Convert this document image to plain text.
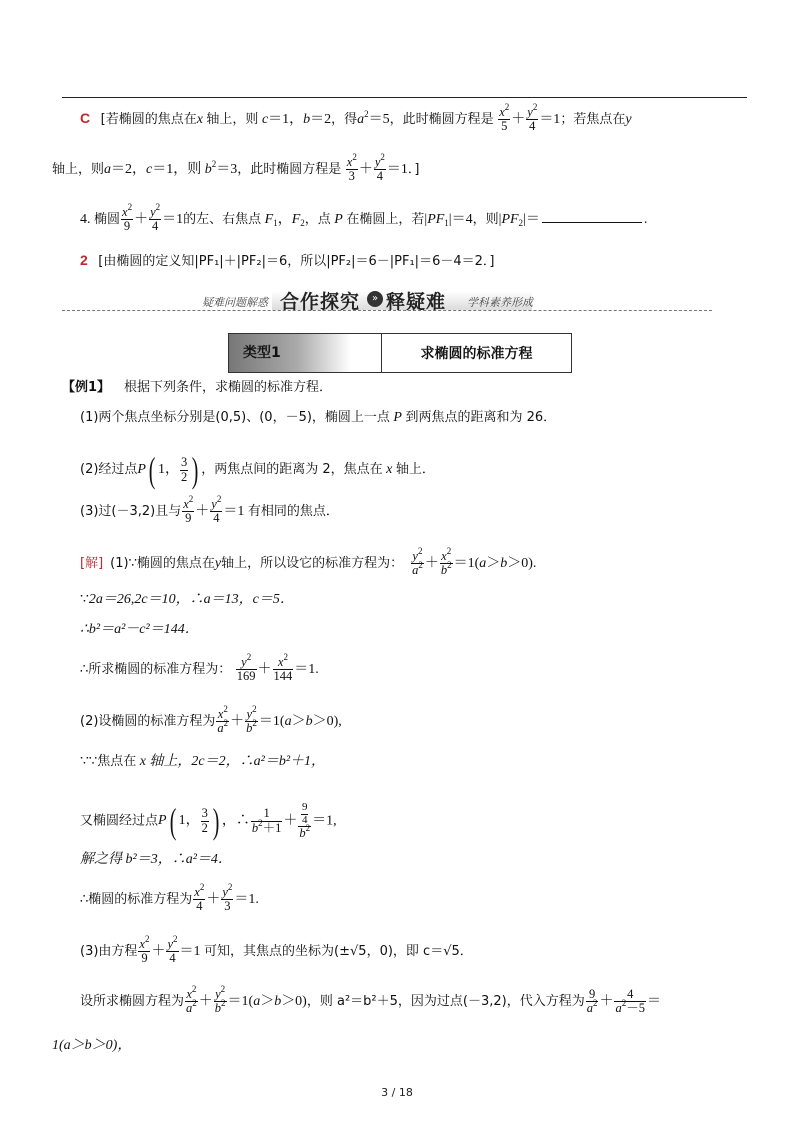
C [若椭圆的焦点在x 轴上，则 c＝1，b＝2，得$a^2=5$，此时椭圆方程是 $\frac{x^2}{5} + \frac{y^2}{4} =1$；若焦点在y
轴上，则a＝2，c＝1，则 $b^2=3$，此时椭圆方程是 $\frac{x^2}{3} + \frac{y^2}{4} =1$．]
4. 椭圆 $\frac{x^2}{9} + \frac{y^2}{4} =1$的左、右焦点 $F_1$，$F_2$，点 P 在椭圆上，若$|PF_1|=4$，则$|PF_2|=$	.
2 [由椭圆的定义知|PF₁|＋|PF₂|＝6，所以|PF₂|＝6－|PF₁|＝6－4＝2．]
疑难问题解惑 合作探究	» 释疑难 学科素养形成
类型1	求椭圆的标准方程
【例1】 根据下列条件，求椭圆的标准方程．
(1)两个焦点坐标分别是(0,5)、(0，－5)，椭圆上一点 P 到两焦点的距离和为 26．
(2)经过点 P ( 1， $\frac{3}{2}$ ) ，两焦点间的距离为 2，焦点在 x 轴上．
(3)过(－3,2)且与 $\frac{x^2}{9} + \frac{y^2}{4} =1$ 有相同的焦点．
[解] (1)∵椭圆的焦点在y轴上，所以设它的标准方程为： $\frac{y^2}{a^2} + \frac{x^2}{b^2} =1(a>b>0)$.
∵2a＝26,2c＝10，∴a＝13，c＝5．
∴b²＝a²－c²＝144．
∴所求椭圆的标准方程为： $\frac{y^2}{169} + \frac{x^2}{144} =1$.
(2)设椭圆的标准方程为 $\frac{x^2}{a^2} + \frac{y^2}{b^2} =1(a>b>0)$,
∵∵焦点在 x 轴上，2c＝2，∴a²＝b²＋1，
又椭圆经过点 P ( 1， $\frac{3}{2}$ ) ，∴ $\frac{1}{b^2+1} + \frac{\frac{9}{4}}{b^2} =1$,
解之得 b²＝3，∴a²＝4．
∴椭圆的标准方程为 $\frac{x^2}{4} + \frac{y^2}{3} =1$.
(3)由方程 $\frac{x^2}{9} + \frac{y^2}{4} =1$ 可知，其焦点的坐标为(±√5，0)，即 c＝√5．
设所求椭圆方程为 $\frac{x^2}{a^2} + \frac{y^2}{b^2} =1(a>b>0)$，则 a²＝b²＋5，因为过点(－3,2)，代入方程为 $\frac{9}{a^2} + \frac{4}{a^2-5}$ ＝
1(a＞b＞0)，
3 / 18
